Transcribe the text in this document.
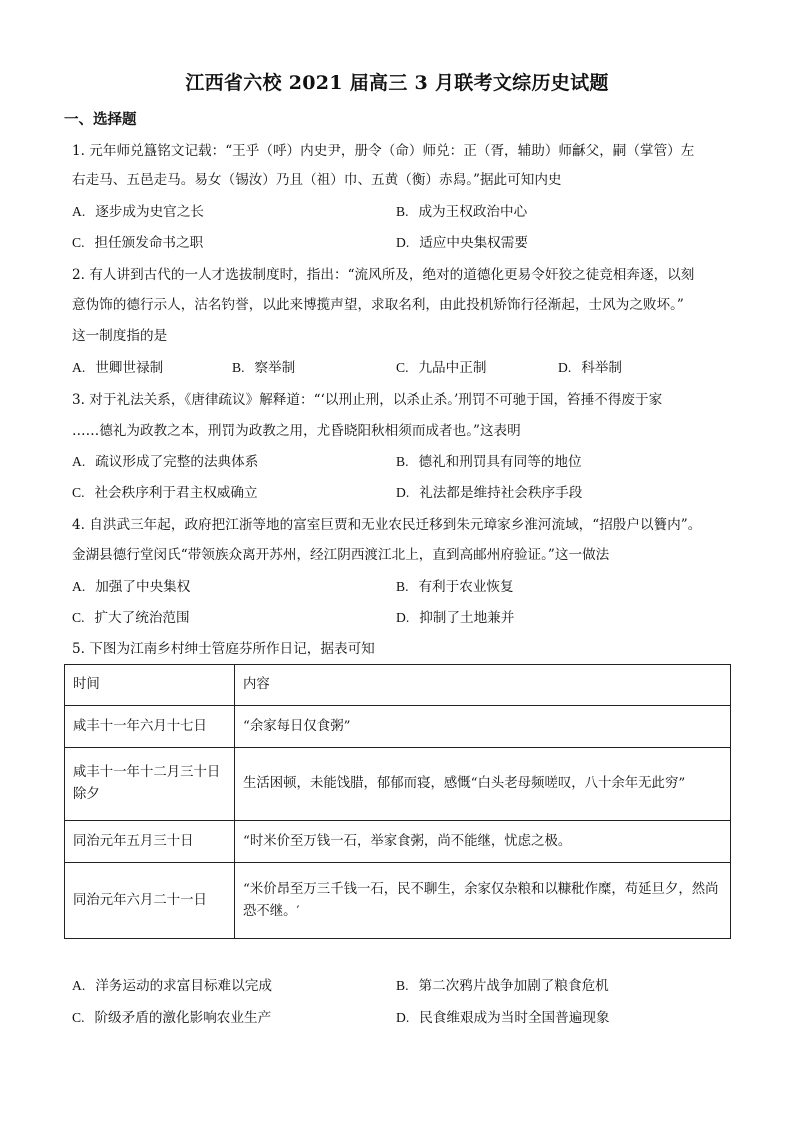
江西省六校 2021 届高三 3 月联考文综历史试题
一、选择题
1. 元年师兑簋铭文记载：“王乎（呼）内史尹，册令（命）师兑：正（胥，辅助）师龢父，嗣（掌管）左
右走马、五邑走马。易女（锡汝）乃且（祖）巾、五黄（衡）赤舄。”据此可知内史
A. 逐步成为史官之长	B. 成为王权政治中心
C. 担任颁发命书之职	D. 适应中央集权需要
2. 有人讲到古代的一人才选拔制度时，指出：“流风所及，绝对的道德化更易令奸狡之徒竞相奔逐，以刻
意伪饰的德行示人，沽名钓誉，以此来博揽声望，求取名利，由此投机矫饰行径渐起，士风为之败坏。”
这一制度指的是
A. 世卿世禄制	B. 察举制	C. 九品中正制	D. 科举制
3. 对于礼法关系，《唐律疏议》解释道：“‘以刑止刑，以杀止杀。’刑罚不可驰于国，笞捶不得废于家
……德礼为政教之本，刑罚为政教之用，尤昏晓阳秋相须而成者也。”这表明
A. 疏议形成了完整的法典体系	B. 德礼和刑罚具有同等的地位
C. 社会秩序利于君主权威确立	D. 礼法都是维持社会秩序手段
4. 自洪武三年起，政府把江浙等地的富室巨贾和无业农民迁移到朱元璋家乡淮河流域，“招殷户以籫内”。
金湖县德行堂闵氏“带领族众离开苏州，经江阴西渡江北上，直到高邮州府验证。”这一做法
A. 加强了中央集权	B. 有利于农业恢复
C. 扩大了统治范围	D. 抑制了土地兼并
5. 下图为江南乡村绅士管庭芬所作日记，据表可知
时间	内容
咸丰十一年六月十七日	“余家每日仅食粥”

咸丰十一年十二月三十日除夕	生活困顿，未能饯腊，郁郁而寝，感慨“白头老母频嗟叹，八十余年无此穷”

同治元年五月三十日	“时米价至万钱一石，举家食粥，尚不能继，忧虑之极。
同治元年六月二十一日	“米价昂至万三千钱一石，民不聊生，余家仅杂粮和以糠秕作糜，苟延旦夕，然尚恐不继。′
A. 洋务运动的求富目标难以完成	B. 第二次鸦片战争加剧了粮食危机
C. 阶级矛盾的激化影响农业生产	D. 民食维艰成为当时全国普遍现象
